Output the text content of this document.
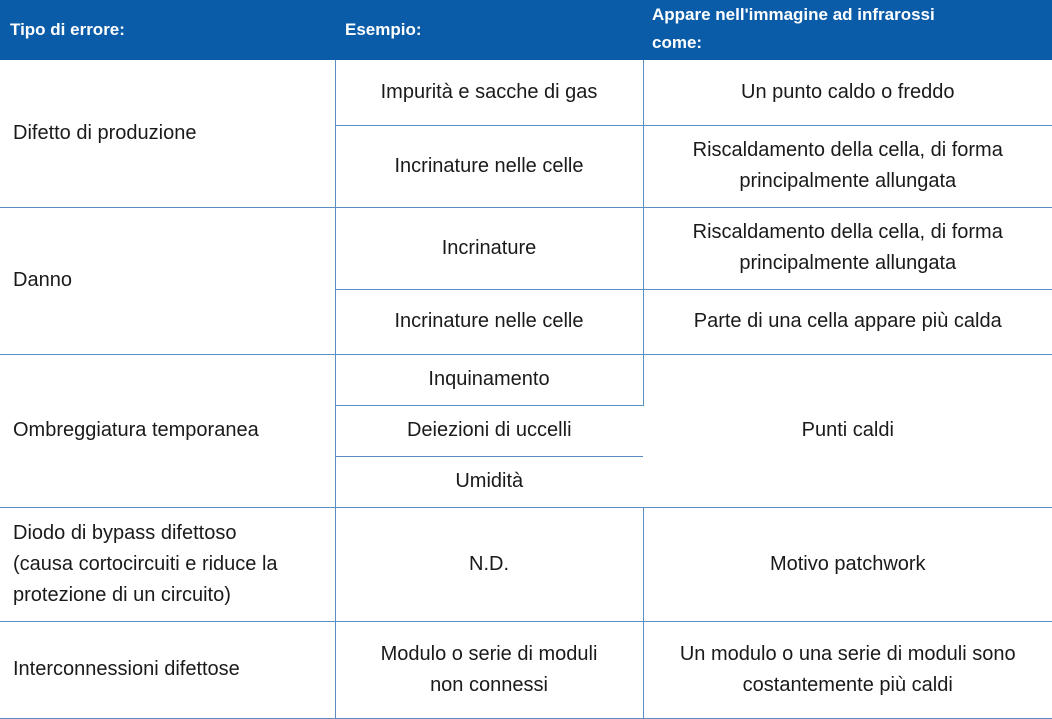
Tipo di errore:	Esempio:	Appare nell'immagine ad infrarossi
come:

Difetto di produzione	Impurità e sacche di gas	Un punto caldo o freddo
	Incrinature nelle celle	Riscaldamento della cella, di forma
principalmente allungata

Danno	Incrinature	Riscaldamento della cella, di forma
principalmente allungata

	Incrinature nelle celle	Parte di una cella appare più calda
Ombreggiatura temporanea	Inquinamento	Punti caldi
	Deiezioni di uccelli	
	Umidità	

Diodo di bypass difettoso
(causa cortocircuiti e riduce la
protezione di un circuito)	N.D.	Motivo patchwork
Interconnessioni difettose	Modulo o serie di moduli
non connessi	Un modulo o una serie di moduli sono
costantemente più caldi
